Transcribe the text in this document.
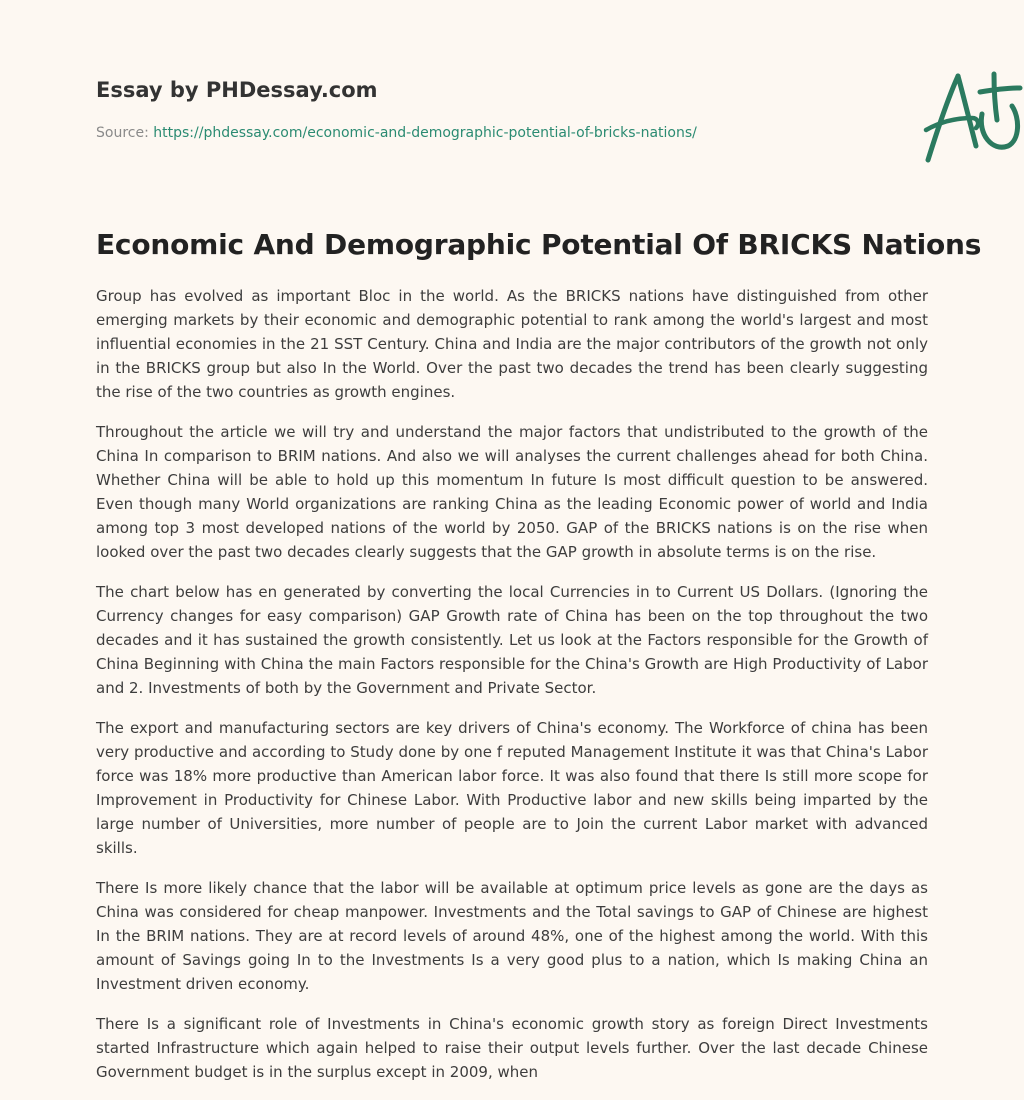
Essay by PHDessay.com
Source: https://phdessay.com/economic-and-demographic-potential-of-bricks-nations/
Economic And Demographic Potential Of BRICKS Nations

Group has evolved as important Bloc in the world. As the BRICKS nations have distinguished from other emerging markets by their economic and demographic potential to rank among the world's largest and most influential economies in the 21 SST Century. China and India are the major contributors of the growth not only in the BRICKS group but also In the World. Over the past two decades the trend has been clearly suggesting the rise of the two countries as growth engines.

Throughout the article we will try and understand the major factors that undistributed to the growth of the China In comparison to BRIM nations. And also we will analyses the current challenges ahead for both China. Whether China will be able to hold up this momentum In future Is most difficult question to be answered. Even though many World organizations are ranking China as the leading Economic power of world and India among top 3 most developed nations of the world by 2050. GAP of the BRICKS nations is on the rise when looked over the past two decades clearly suggests that the GAP growth in absolute terms is on the rise.

The chart below has en generated by converting the local Currencies in to Current US Dollars. (Ignoring the Currency changes for easy comparison) GAP Growth rate of China has been on the top throughout the two decades and it has sustained the growth consistently. Let us look at the Factors responsible for the Growth of China Beginning with China the main Factors responsible for the China's Growth are High Productivity of Labor and 2. Investments of both by the Government and Private Sector.

The export and manufacturing sectors are key drivers of China's economy. The Workforce of china has been very productive and according to Study done by one f reputed Management Institute it was that China's Labor force was 18% more productive than American labor force. It was also found that there Is still more scope for Improvement in Productivity for Chinese Labor. With Productive labor and new skills being imparted by the large number of Universities, more number of people are to Join the current Labor market with advanced skills.

There Is more likely chance that the labor will be available at optimum price levels as gone are the days as China was considered for cheap manpower. Investments and the Total savings to GAP of Chinese are highest In the BRIM nations. They are at record levels of around 48%, one of the highest among the world. With this amount of Savings going In to the Investments Is a very good plus to a nation, which Is making China an Investment driven economy.

There Is a significant role of Investments in China's economic growth story as foreign Direct Investments started Infrastructure which again helped to raise their output levels further. Over the last decade Chinese Government budget is in the surplus except in 2009, when
